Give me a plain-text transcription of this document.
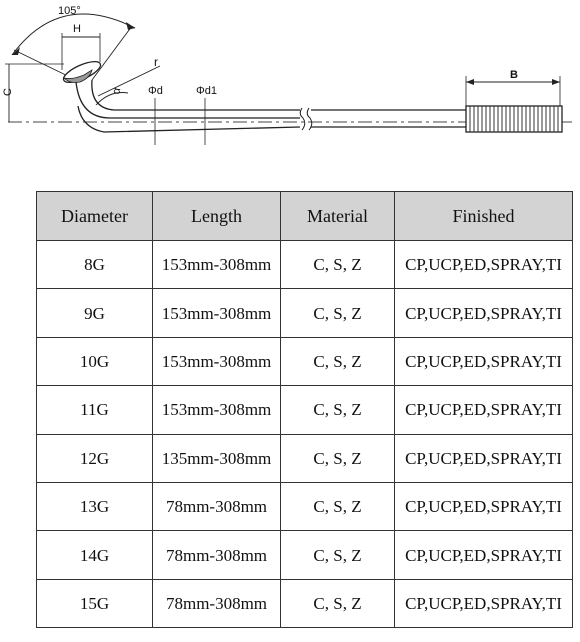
105°
H
r
α Φd	Φd1
C
B
Diameter	Length	Material	Finished
8G	153mm-308mm	C, S, Z	CP,UCP,ED,SPRAY,TI
9G	153mm-308mm	C, S, Z	CP,UCP,ED,SPRAY,TI
10G	153mm-308mm	C, S, Z	CP,UCP,ED,SPRAY,TI
11G	153mm-308mm	C, S, Z	CP,UCP,ED,SPRAY,TI
12G	135mm-308mm	C, S, Z	CP,UCP,ED,SPRAY,TI
13G	78mm-308mm	C, S, Z	CP,UCP,ED,SPRAY,TI
14G	78mm-308mm	C, S, Z	CP,UCP,ED,SPRAY,TI
15G	78mm-308mm	C, S, Z	CP,UCP,ED,SPRAY,TI
